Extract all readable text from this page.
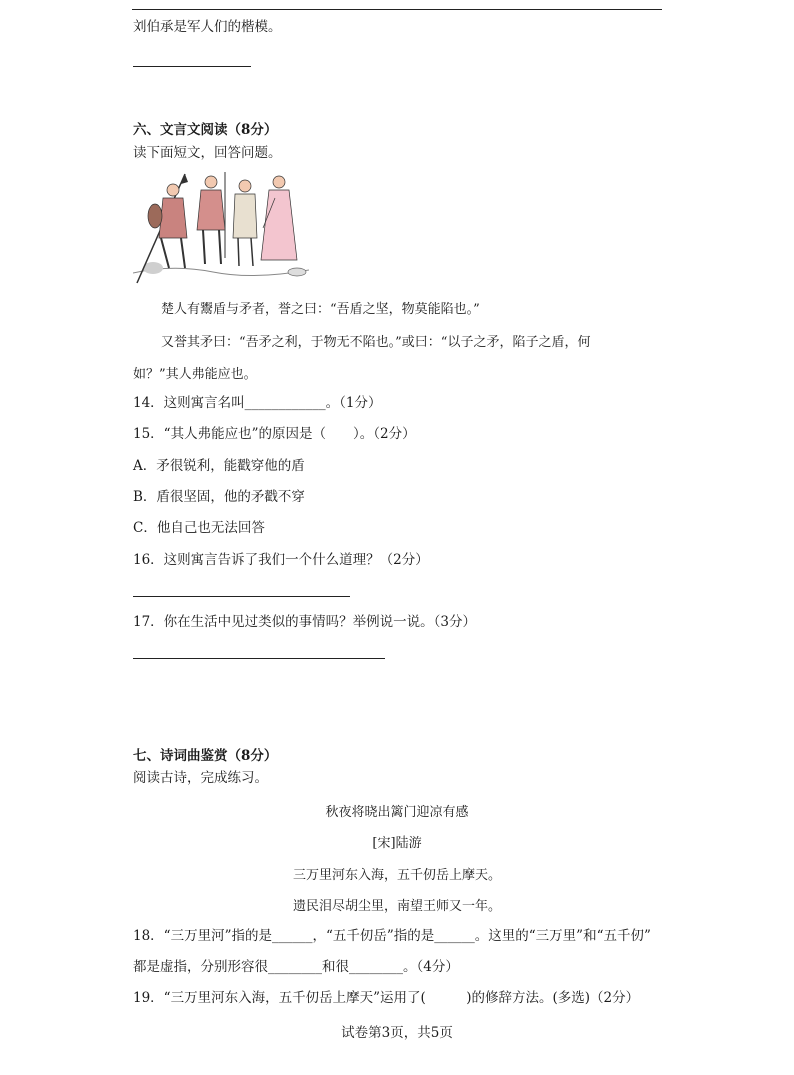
刘伯承是军人们的楷模。
六、文言文阅读（8分）
读下面短文，回答问题。
楚人有鬻盾与矛者，誉之曰：“吾盾之坚，物莫能陷也。”
又誉其矛曰：“吾矛之利，于物无不陷也。”或曰：“以子之矛，陷子之盾，何
如？”其人弗能应也。
14．这则寓言名叫____________。（1分）
15．“其人弗能应也”的原因是（　　）。（2分）
A．矛很锐利，能戳穿他的盾
B．盾很坚固，他的矛戳不穿
C．他自己也无法回答
16．这则寓言告诉了我们一个什么道理？（2分）
17．你在生活中见过类似的事情吗？举例说一说。（3分）
七、诗词曲鉴赏（8分）
阅读古诗，完成练习。
秋夜将晓出篱门迎凉有感
[宋]陆游
三万里河东入海，五千仞岳上摩天。
遗民泪尽胡尘里，南望王师又一年。
18．“三万里河”指的是______，“五千仞岳”指的是______。这里的“三万里”和“五千仞”
都是虚指，分别形容很________和很________。（4分）
19．“三万里河东入海，五千仞岳上摩天”运用了(　　　)的修辞方法。(多选)（2分）
试卷第3页，共5页
